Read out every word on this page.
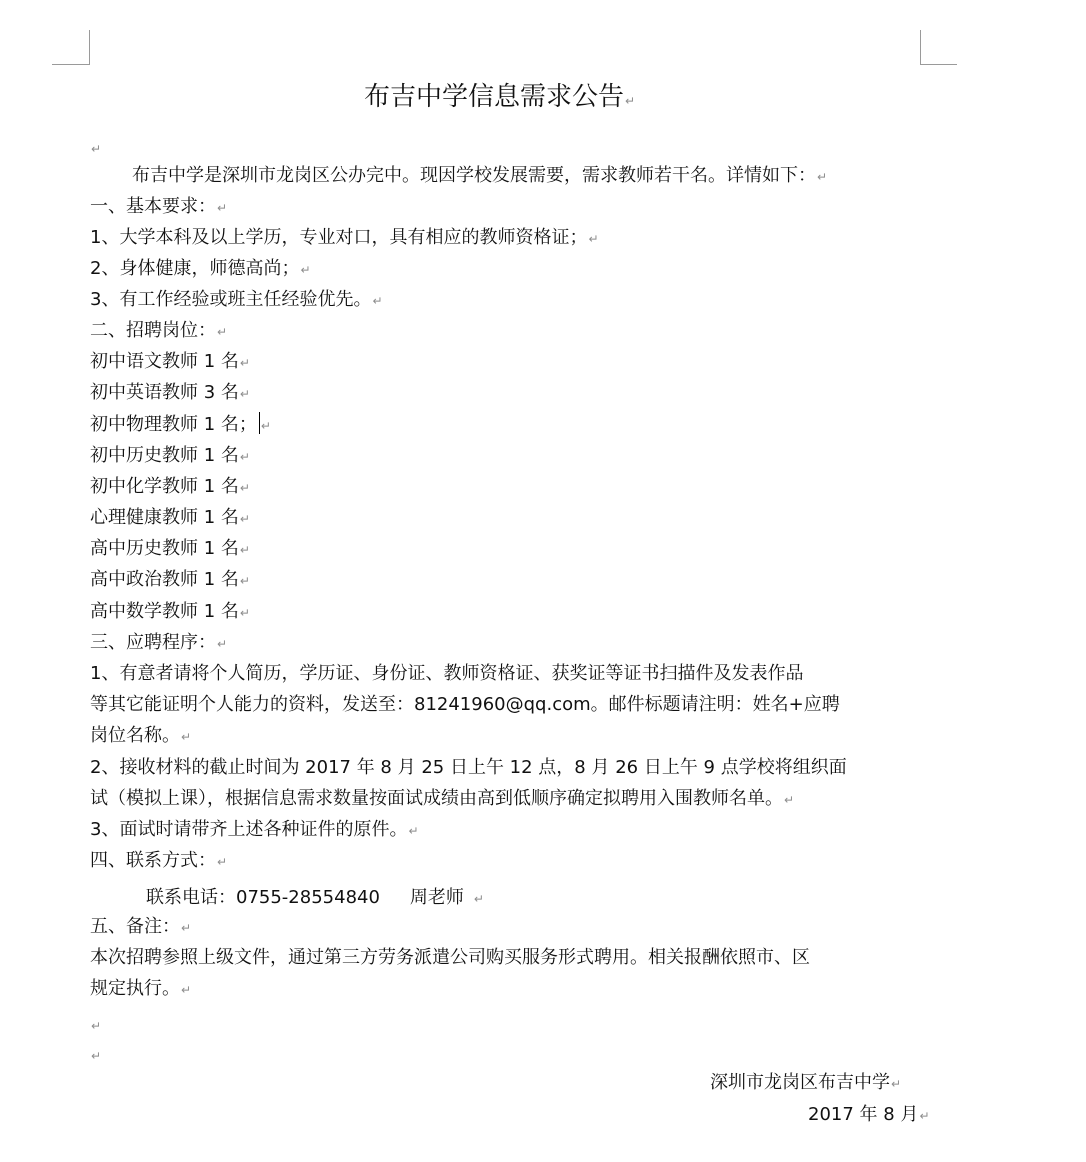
布吉中学信息需求公告↵
↵
布吉中学是深圳市龙岗区公办完中。现因学校发展需要，需求教师若干名。详情如下：↵
一、基本要求：↵
1、大学本科及以上学历，专业对口，具有相应的教师资格证；↵
2、身体健康，师德高尚；↵
3、有工作经验或班主任经验优先。↵
二、招聘岗位：↵
初中语文教师 1 名↵
初中英语教师 3 名↵
初中物理教师 1 名； ↵
初中历史教师 1 名↵
初中化学教师 1 名↵
心理健康教师 1 名↵
高中历史教师 1 名↵
高中政治教师 1 名↵
高中数学教师 1 名↵
三、应聘程序：↵
1、有意者请将个人简历，学历证、身份证、教师资格证、获奖证等证书扫描件及发表作品
等其它能证明个人能力的资料，发送至：81241960@qq.com。邮件标题请注明：姓名+应聘
岗位名称。↵
2、接收材料的截止时间为 2017 年 8 月 25 日上午 12 点，8 月 26 日上午 9 点学校将组织面
试（模拟上课），根据信息需求数量按面试成绩由高到低顺序确定拟聘用入围教师名单。↵
3、面试时请带齐上述各种证件的原件。↵
四、联系方式：↵
联系电话：0755-28554840 周老师 ↵
五、备注：↵
本次招聘参照上级文件，通过第三方劳务派遣公司购买服务形式聘用。相关报酬依照市、区
规定执行。↵
↵
↵
深圳市龙岗区布吉中学↵
2017 年 8 月↵
